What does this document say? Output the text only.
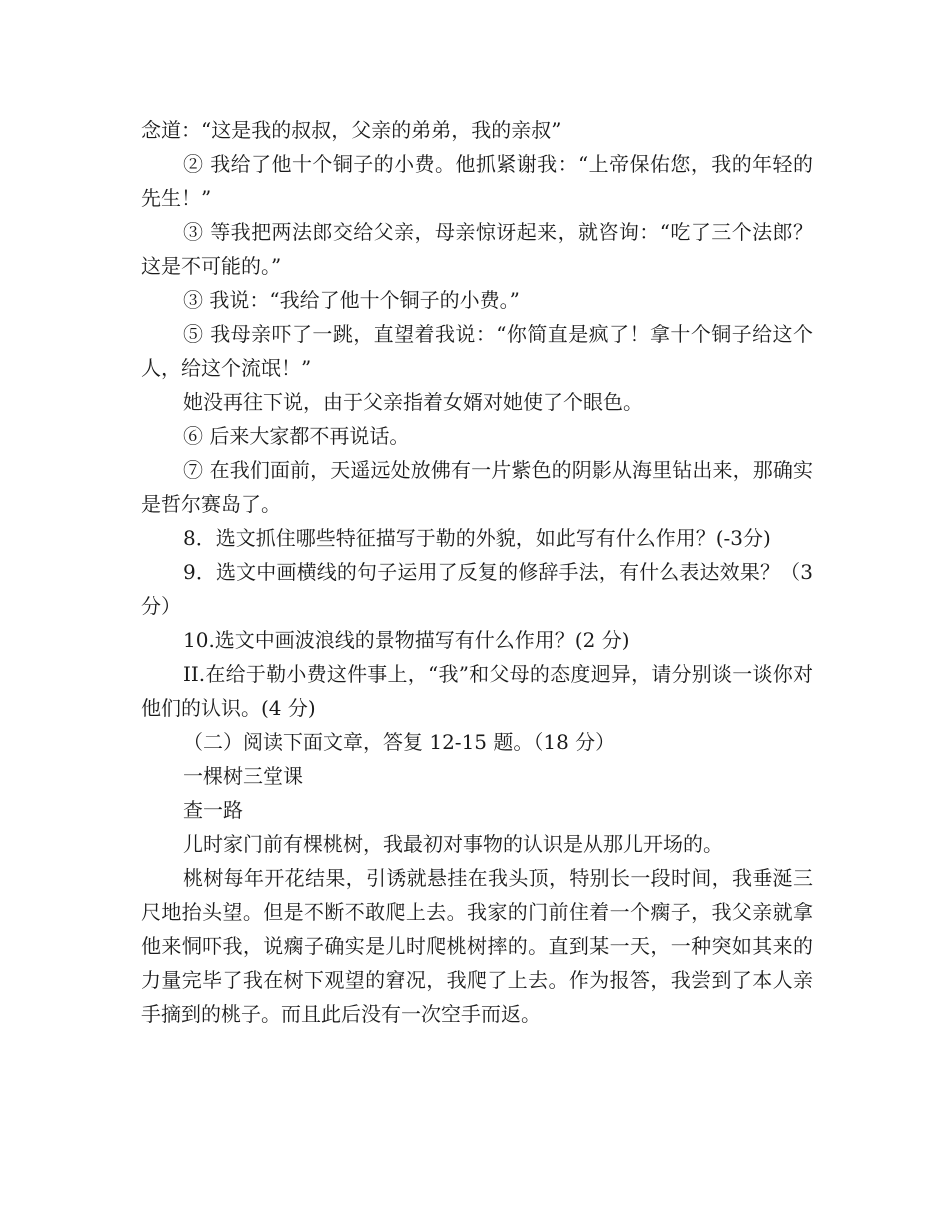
念道：“这是我的叔叔，父亲的弟弟，我的亲叔”

② 我给了他十个铜子的小费。他抓紧谢我：“上帝保佑您，我的年轻的先生！”

③ 等我把两法郎交给父亲，母亲惊讶起来，就咨询：“吃了三个法郎？这是不可能的。”

③ 我说：“我给了他十个铜子的小费。”

⑤ 我母亲吓了一跳，直望着我说：“你简直是疯了！拿十个铜子给这个人，给这个流氓！”

她没再往下说，由于父亲指着女婿对她使了个眼色。

⑥ 后来大家都不再说话。

⑦ 在我们面前，天遥远处放佛有一片紫色的阴影从海里钻出来，那确实是哲尔赛岛了。

8．选文抓住哪些特征描写于勒的外貌，如此写有什么作用？(-3分)

9．选文中画横线的句子运用了反复的修辞手法，有什么表达效果？（3 分）

10.选文中画波浪线的景物描写有什么作用？(2 分)

II.在给于勒小费这件事上，“我”和父母的态度迥异，请分别谈一谈你对他们的认识。(4 分)

（二）阅读下面文章，答复 12-15 题。（18 分）

一棵树三堂课

查一路

儿时家门前有棵桃树，我最初对事物的认识是从那儿开场的。

桃树每年开花结果，引诱就悬挂在我头顶，特别长一段时间，我垂涎三尺地抬头望。但是不断不敢爬上去。我家的门前住着一个瘸子，我父亲就拿他来恫吓我，说瘸子确实是儿时爬桃树摔的。直到某一天，一种突如其来的力量完毕了我在树下观望的窘况，我爬了上去。作为报答，我尝到了本人亲手摘到的桃子。而且此后没有一次空手而返。
